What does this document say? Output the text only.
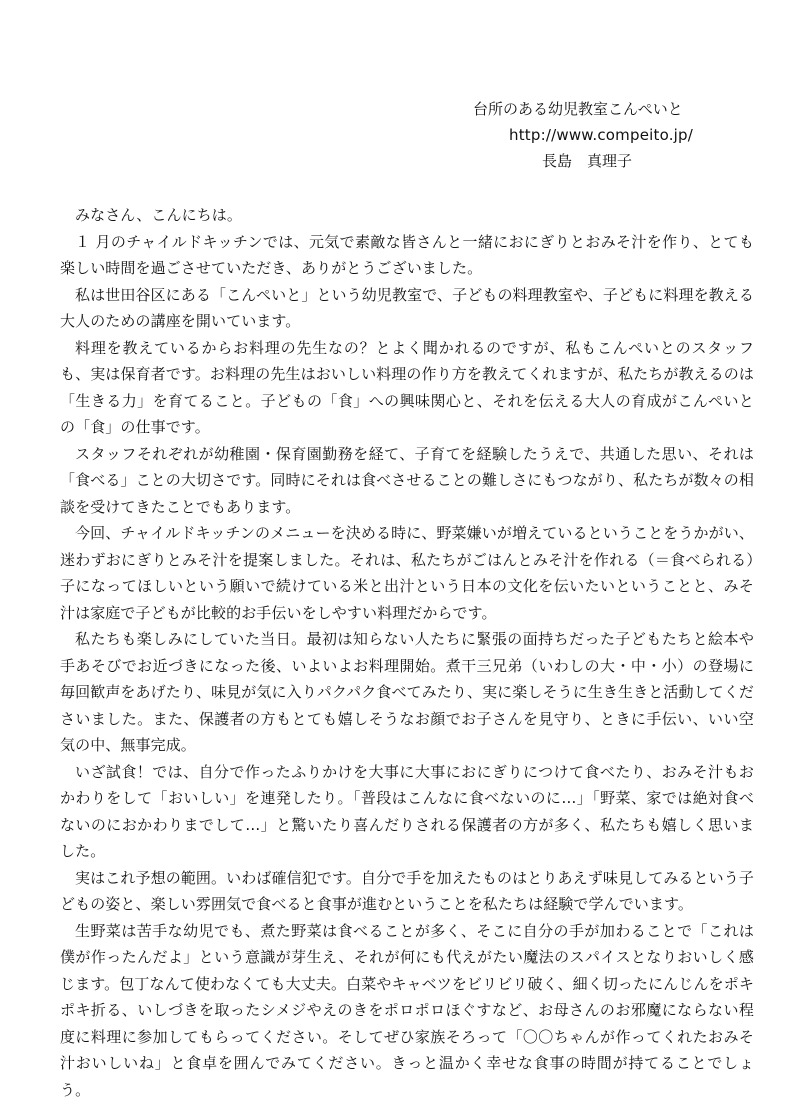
台所のある幼児教室こんぺいと
http://www.compeito.jp/
長島　真理子

みなさん、こんにちは。

１ 月のチャイルドキッチンでは、元気で素敵な皆さんと一緒におにぎりとおみそ汁を作り、とても楽しい時間を過ごさせていただき、ありがとうございました。

私は世田谷区にある「こんぺいと」という幼児教室で、子どもの料理教室や、子どもに料理を教える大人のための講座を開いています。

料理を教えているからお料理の先生なの？とよく聞かれるのですが、私もこんぺいとのスタッフも、実は保育者です。お料理の先生はおいしい料理の作り方を教えてくれますが、私たちが教えるのは「生きる力」を育てること。子どもの「食」への興味関心と、それを伝える大人の育成がこんぺいとの「食」の仕事です。

スタッフそれぞれが幼稚園・保育園勤務を経て、子育てを経験したうえで、共通した思い、それは「食べる」ことの大切さです。同時にそれは食べさせることの難しさにもつながり、私たちが数々の相談を受けてきたことでもあります。

今回、チャイルドキッチンのメニューを決める時に、野菜嫌いが増えているということをうかがい、迷わずおにぎりとみそ汁を提案しました。それは、私たちがごはんとみそ汁を作れる（＝食べられる）子になってほしいという願いで続けている米と出汁という日本の文化を伝いたいということと、みそ汁は家庭で子どもが比較的お手伝いをしやすい料理だからです。

私たちも楽しみにしていた当日。最初は知らない人たちに緊張の面持ちだった子どもたちと絵本や手あそびでお近づきになった後、いよいよお料理開始。煮干三兄弟（いわしの大・中・小）の登場に毎回歓声をあげたり、味見が気に入りパクパク食べてみたり、実に楽しそうに生き生きと活動してくださいました。また、保護者の方もとても嬉しそうなお顔でお子さんを見守り、ときに手伝い、いい空気の中、無事完成。

いざ試食！では、自分で作ったふりかけを大事に大事におにぎりにつけて食べたり、おみそ汁もおかわりをして「おいしい」を連発したり。「普段はこんなに食べないのに…」「野菜、家では絶対食べないのにおかわりまでして…」と驚いたり喜んだりされる保護者の方が多く、私たちも嬉しく思いました。

実はこれ予想の範囲。いわば確信犯です。自分で手を加えたものはとりあえず味見してみるという子どもの姿と、楽しい雰囲気で食べると食事が進むということを私たちは経験で学んでいます。

生野菜は苦手な幼児でも、煮た野菜は食べることが多く、そこに自分の手が加わることで「これは僕が作ったんだよ」という意識が芽生え、それが何にも代えがたい魔法のスパイスとなりおいしく感じます。包丁なんて使わなくても大丈夫。白菜やキャベツをビリビリ破く、細く切ったにんじんをポキポキ折る、いしづきを取ったシメジやえのきをポロポロほぐすなど、お母さんのお邪魔にならない程度に料理に参加してもらってください。そしてぜひ家族そろって「〇〇ちゃんが作ってくれたおみそ汁おいしいね」と食卓を囲んでみてください。きっと温かく幸せな食事の時間が持てることでしょう。
